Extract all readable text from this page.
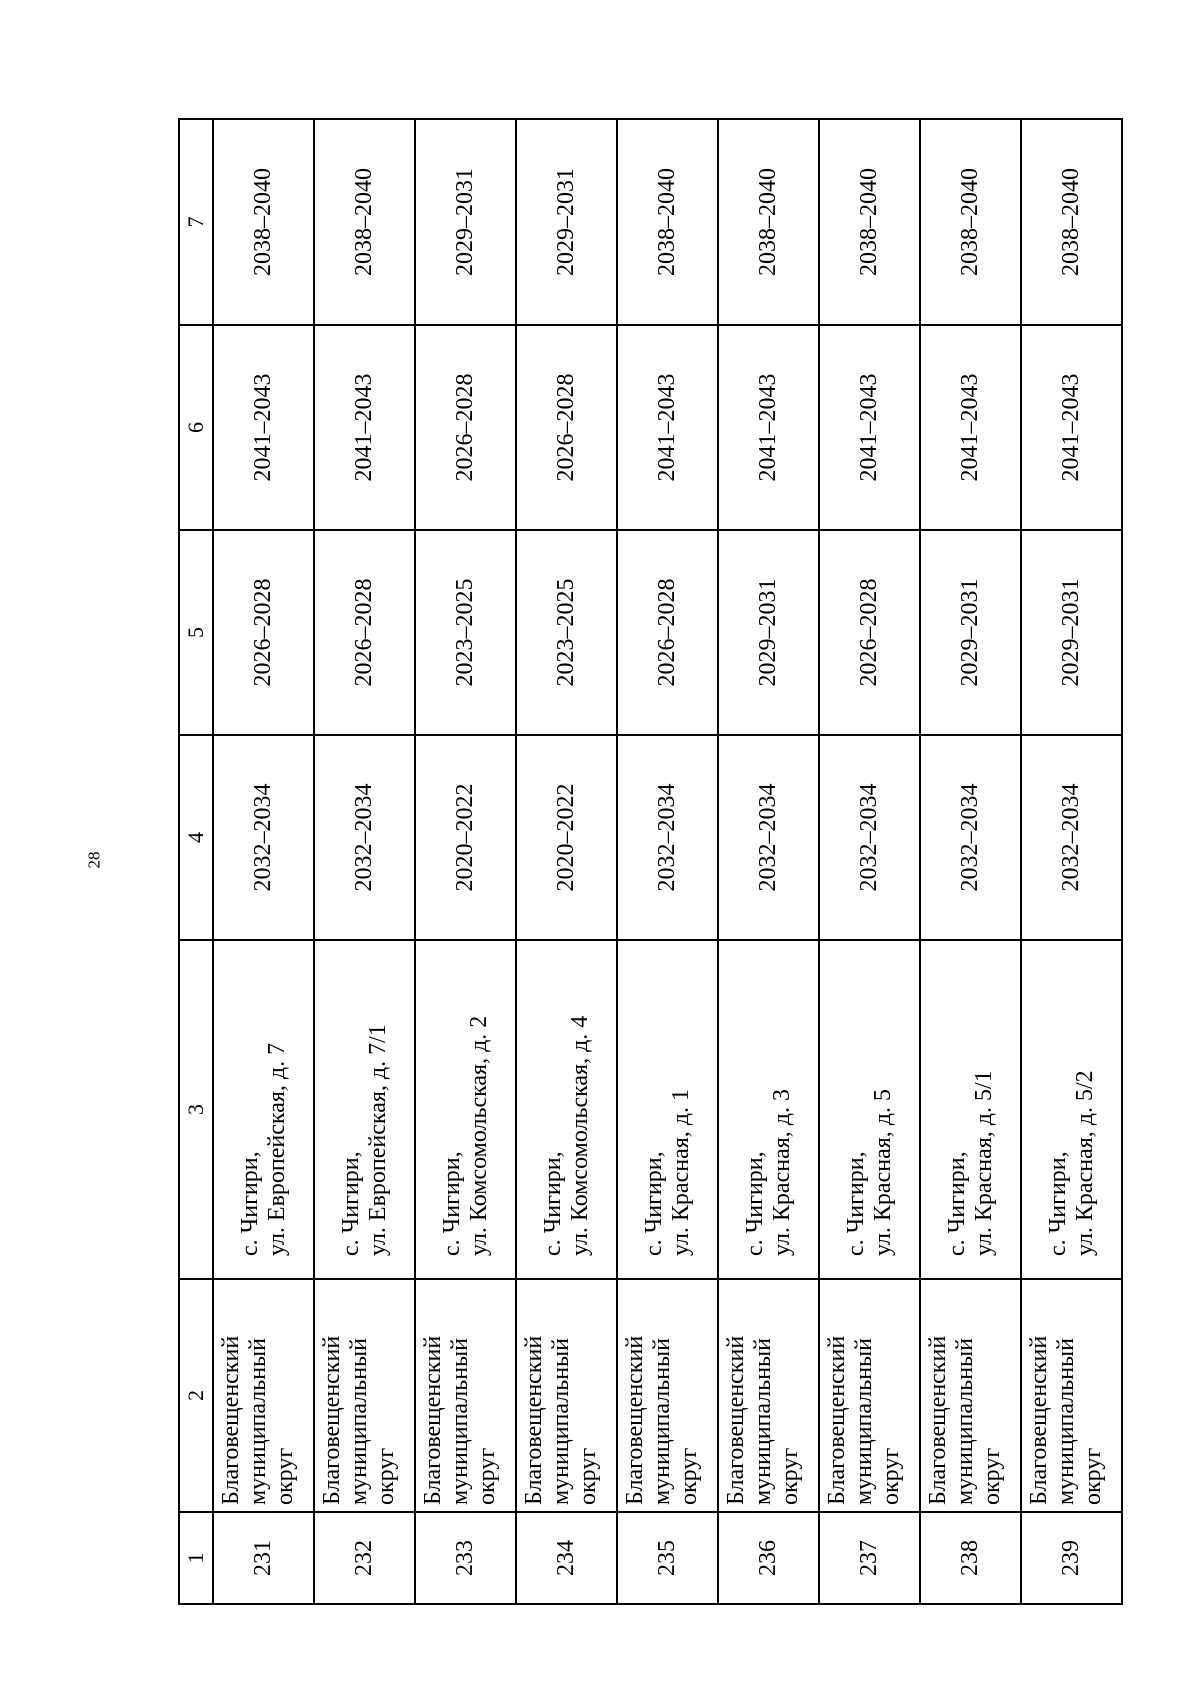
28
1	2	3	4	5	6	7
231	Благовещенский муниципальный округ	с. Чигири, ул. Европейская, д. 7	2032–2034	2026–2028	2041–2043	2038–2040
232	Благовещенский муниципальный округ	с. Чигири, ул. Европейская, д. 7/1	2032–2034	2026–2028	2041–2043	2038–2040
233	Благовещенский муниципальный округ	с. Чигири, ул. Комсомольская, д. 2	2020–2022	2023–2025	2026–2028	2029–2031
234	Благовещенский муниципальный округ	с. Чигири, ул. Комсомольская, д. 4	2020–2022	2023–2025	2026–2028	2029–2031
235	Благовещенский муниципальный округ	с. Чигири, ул. Красная, д. 1	2032–2034	2026–2028	2041–2043	2038–2040
236	Благовещенский муниципальный округ	с. Чигири, ул. Красная, д. 3	2032–2034	2029–2031	2041–2043	2038–2040
237	Благовещенский муниципальный округ	с. Чигири, ул. Красная, д. 5	2032–2034	2026–2028	2041–2043	2038–2040
238	Благовещенский муниципальный округ	с. Чигири, ул. Красная, д. 5/1	2032–2034	2029–2031	2041–2043	2038–2040
239	Благовещенский муниципальный округ	с. Чигири, ул. Красная, д. 5/2	2032–2034	2029–2031	2041–2043	2038–2040
